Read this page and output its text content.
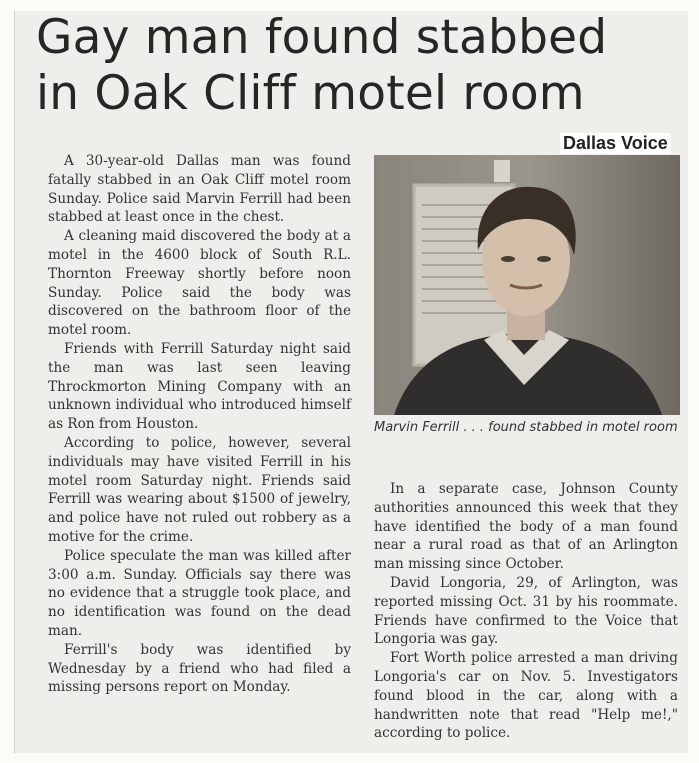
Gay man found stabbed
in Oak Cliff motel room
Dallas Voice

A 30-year-old Dallas man was found fatally stabbed in an Oak Cliff motel room Sunday. Police said Marvin Ferrill had been stabbed at least once in the chest.

A cleaning maid discovered the body at a motel in the 4600 block of South R.L. Thornton Freeway shortly before noon Sunday. Police said the body was discovered on the bathroom floor of the motel room.

Friends with Ferrill Saturday night said the man was last seen leaving Throckmorton Mining Company with an unknown individual who introduced himself as Ron from Houston.

According to police, however, several individuals may have visited Ferrill in his motel room Saturday night. Friends said Ferrill was wearing about $1500 of jewelry, and police have not ruled out robbery as a motive for the crime.

Police speculate the man was killed after 3:00 a.m. Sunday. Officials say there was no evidence that a struggle took place, and no identification was found on the dead man.

Ferrill's body was identified by Wednesday by a friend who had filed a missing persons report on Monday.

Marvin Ferrill . . . found stabbed in motel room

In a separate case, Johnson County authorities announced this week that they have identified the body of a man found near a rural road as that of an Arlington man missing since October.

David Longoria, 29, of Arlington, was reported missing Oct. 31 by his roommate. Friends have confirmed to the Voice that Longoria was gay.

Fort Worth police arrested a man driving Longoria's car on Nov. 5. Investigators found blood in the car, along with a handwritten note that read "Help me!," according to police.
